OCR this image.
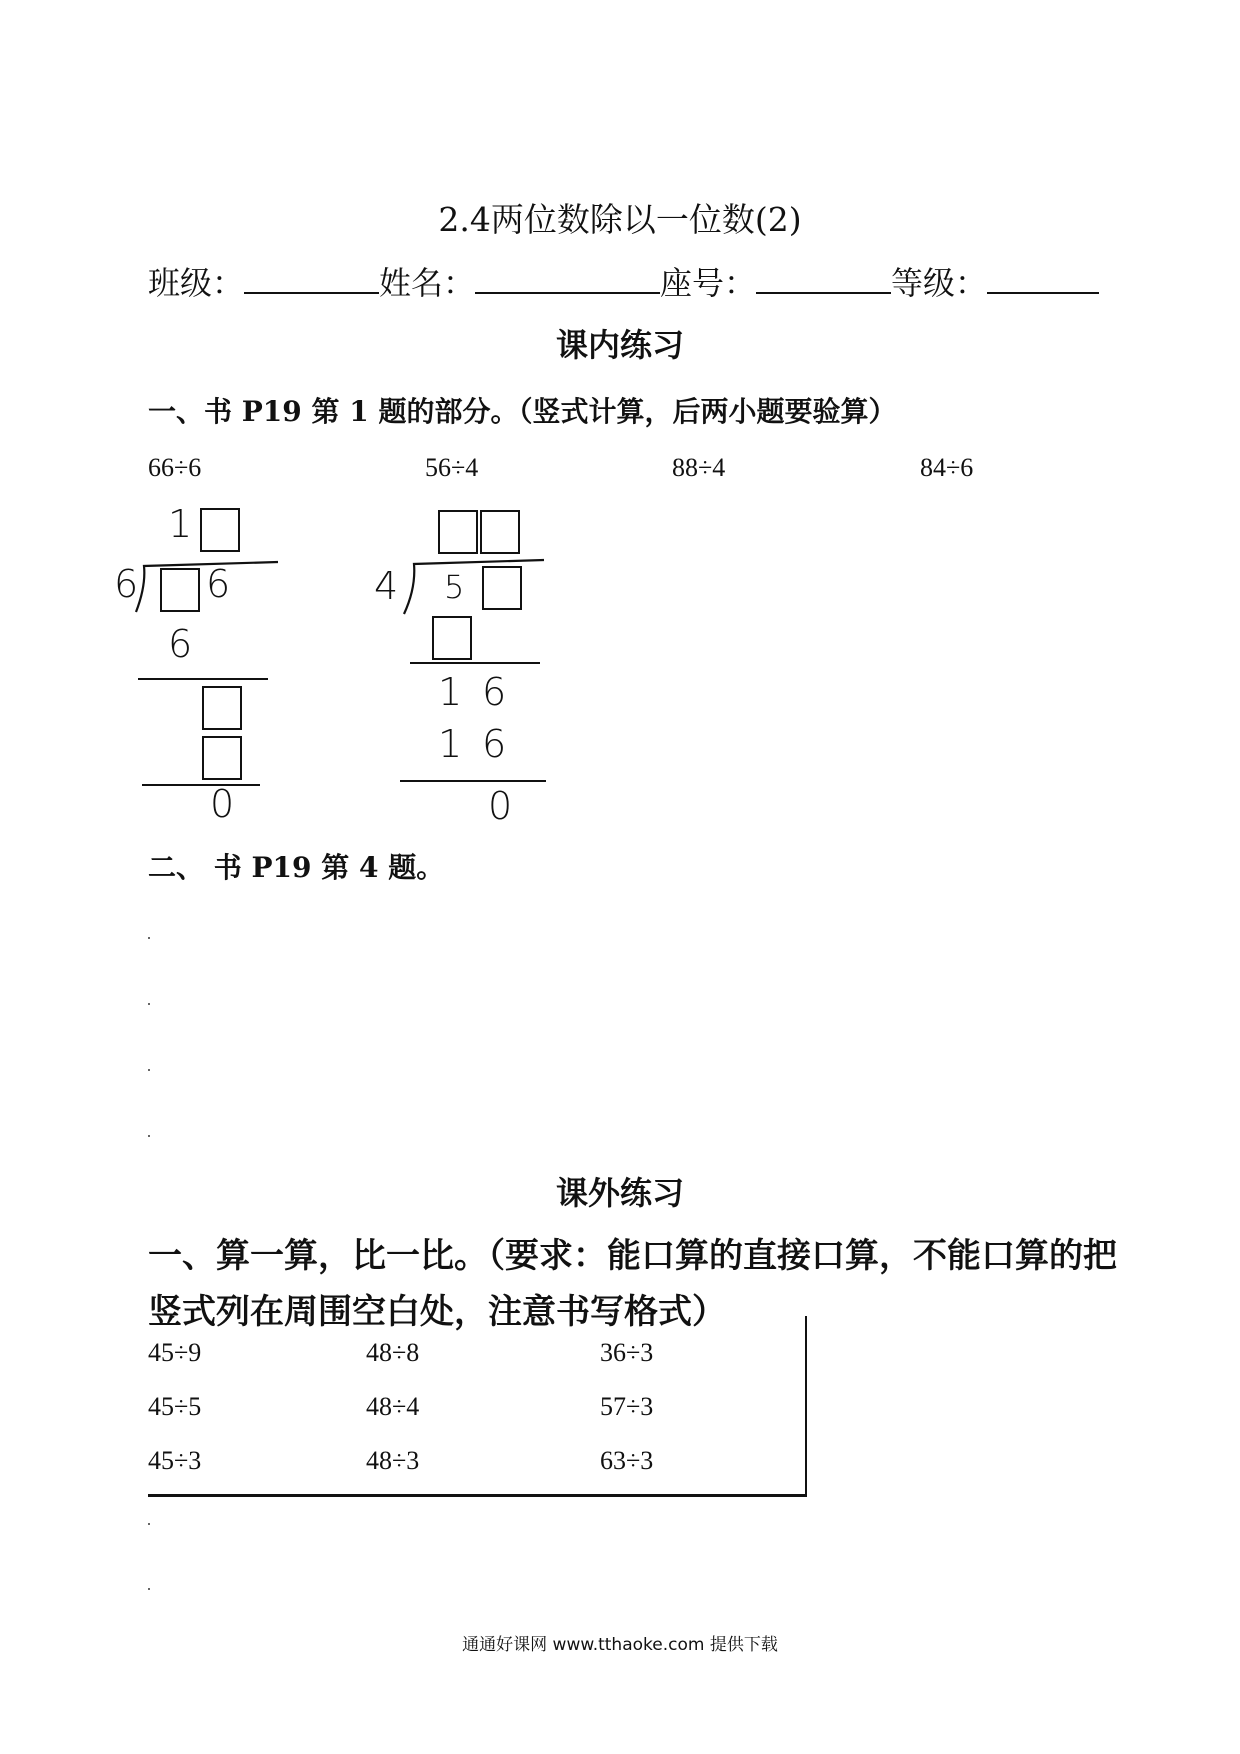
2.4两位数除以一位数(2)
班级：	姓名：	座号：	等级：
课内练习
一、书 P19 第 1 题的部分。（竖式计算，后两小题要验算）
66÷6	56÷4	88÷4	84÷6
1
6 6
6
0
4 5
1 6
1 6
0
二、 书 P19 第 4 题。
课外练习
一、算一算，比一比。（要求：能口算的直接口算，不能口算的把
竖式列在周围空白处，注意书写格式）
45÷9	48÷8	36÷3
45÷5	48÷4	57÷3
45÷3	48÷3	63÷3
通通好课网 www.tthaoke.com 提供下载
